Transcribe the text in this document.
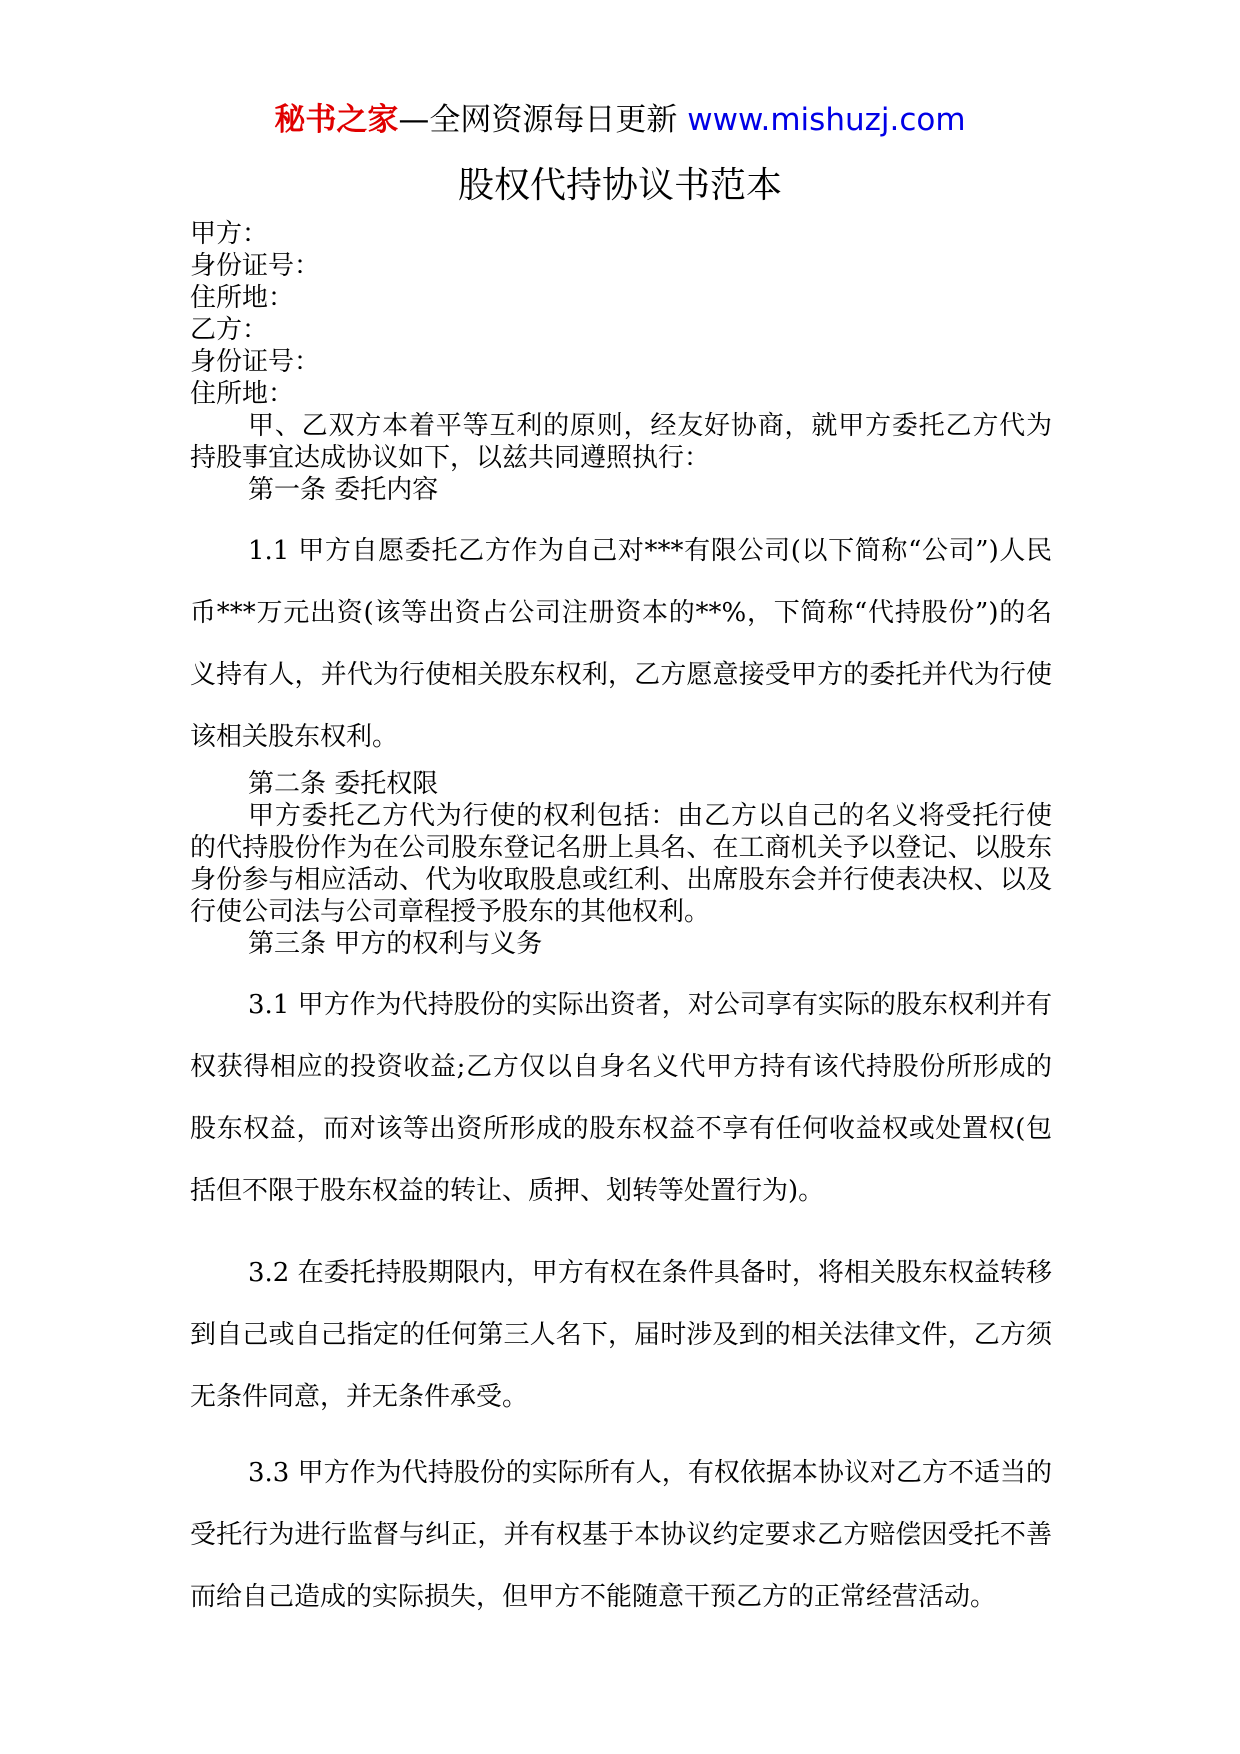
秘书之家—全网资源每日更新 www.mishuzj.com
股权代持协议书范本
甲方：
身份证号：
住所地：
乙方：
身份证号：
住所地：

甲、乙双方本着平等互利的原则，经友好协商，就甲方委托乙方代为持股事宜达成协议如下，以兹共同遵照执行：

第一条 委托内容

1.1 甲方自愿委托乙方作为自己对***有限公司(以下简称“公司”)人民币***万元出资(该等出资占公司注册资本的**%，下简称“代持股份”)的名义持有人，并代为行使相关股东权利，乙方愿意接受甲方的委托并代为行使该相关股东权利。

第二条 委托权限

甲方委托乙方代为行使的权利包括：由乙方以自己的名义将受托行使的代持股份作为在公司股东登记名册上具名、在工商机关予以登记、以股东身份参与相应活动、代为收取股息或红利、出席股东会并行使表决权、以及行使公司法与公司章程授予股东的其他权利。

第三条 甲方的权利与义务

3.1 甲方作为代持股份的实际出资者，对公司享有实际的股东权利并有权获得相应的投资收益;乙方仅以自身名义代甲方持有该代持股份所形成的股东权益，而对该等出资所形成的股东权益不享有任何收益权或处置权(包括但不限于股东权益的转让、质押、划转等处置行为)。

3.2 在委托持股期限内，甲方有权在条件具备时，将相关股东权益转移到自己或自己指定的任何第三人名下，届时涉及到的相关法律文件，乙方须无条件同意，并无条件承受。

3.3 甲方作为代持股份的实际所有人，有权依据本协议对乙方不适当的受托行为进行监督与纠正，并有权基于本协议约定要求乙方赔偿因受托不善而给自己造成的实际损失，但甲方不能随意干预乙方的正常经营活动。
